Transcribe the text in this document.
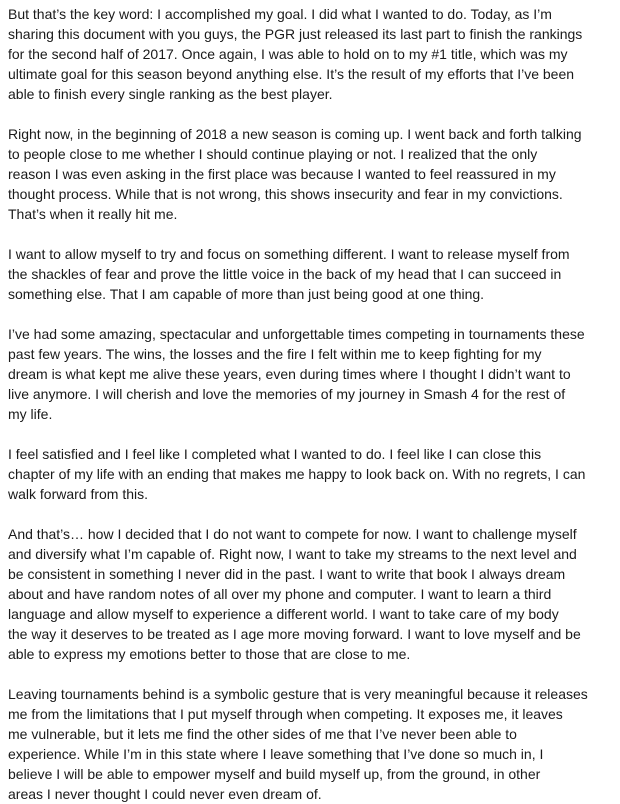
But that’s the key word: I accomplished my goal. I did what I wanted to do. Today, as I’m
sharing this document with you guys, the PGR just released its last part to finish the rankings
for the second half of 2017. Once again, I was able to hold on to my #1 title, which was my
ultimate goal for this season beyond anything else. It’s the result of my efforts that I’ve been
able to finish every single ranking as the best player.

Right now, in the beginning of 2018 a new season is coming up. I went back and forth talking
to people close to me whether I should continue playing or not. I realized that the only
reason I was even asking in the first place was because I wanted to feel reassured in my
thought process. While that is not wrong, this shows insecurity and fear in my convictions.
That’s when it really hit me.

I want to allow myself to try and focus on something different. I want to release myself from
the shackles of fear and prove the little voice in the back of my head that I can succeed in
something else. That I am capable of more than just being good at one thing.

I’ve had some amazing, spectacular and unforgettable times competing in tournaments these
past few years. The wins, the losses and the fire I felt within me to keep fighting for my
dream is what kept me alive these years, even during times where I thought I didn’t want to
live anymore. I will cherish and love the memories of my journey in Smash 4 for the rest of
my life.

I feel satisfied and I feel like I completed what I wanted to do. I feel like I can close this
chapter of my life with an ending that makes me happy to look back on. With no regrets, I can
walk forward from this.

And that’s… how I decided that I do not want to compete for now. I want to challenge myself
and diversify what I’m capable of. Right now, I want to take my streams to the next level and
be consistent in something I never did in the past. I want to write that book I always dream
about and have random notes of all over my phone and computer. I want to learn a third
language and allow myself to experience a different world. I want to take care of my body
the way it deserves to be treated as I age more moving forward. I want to love myself and be
able to express my emotions better to those that are close to me.

Leaving tournaments behind is a symbolic gesture that is very meaningful because it releases
me from the limitations that I put myself through when competing. It exposes me, it leaves
me vulnerable, but it lets me find the other sides of me that I’ve never been able to
experience. While I’m in this state where I leave something that I’ve done so much in, I
believe I will be able to empower myself and build myself up, from the ground, in other
areas I never thought I could never even dream of.
